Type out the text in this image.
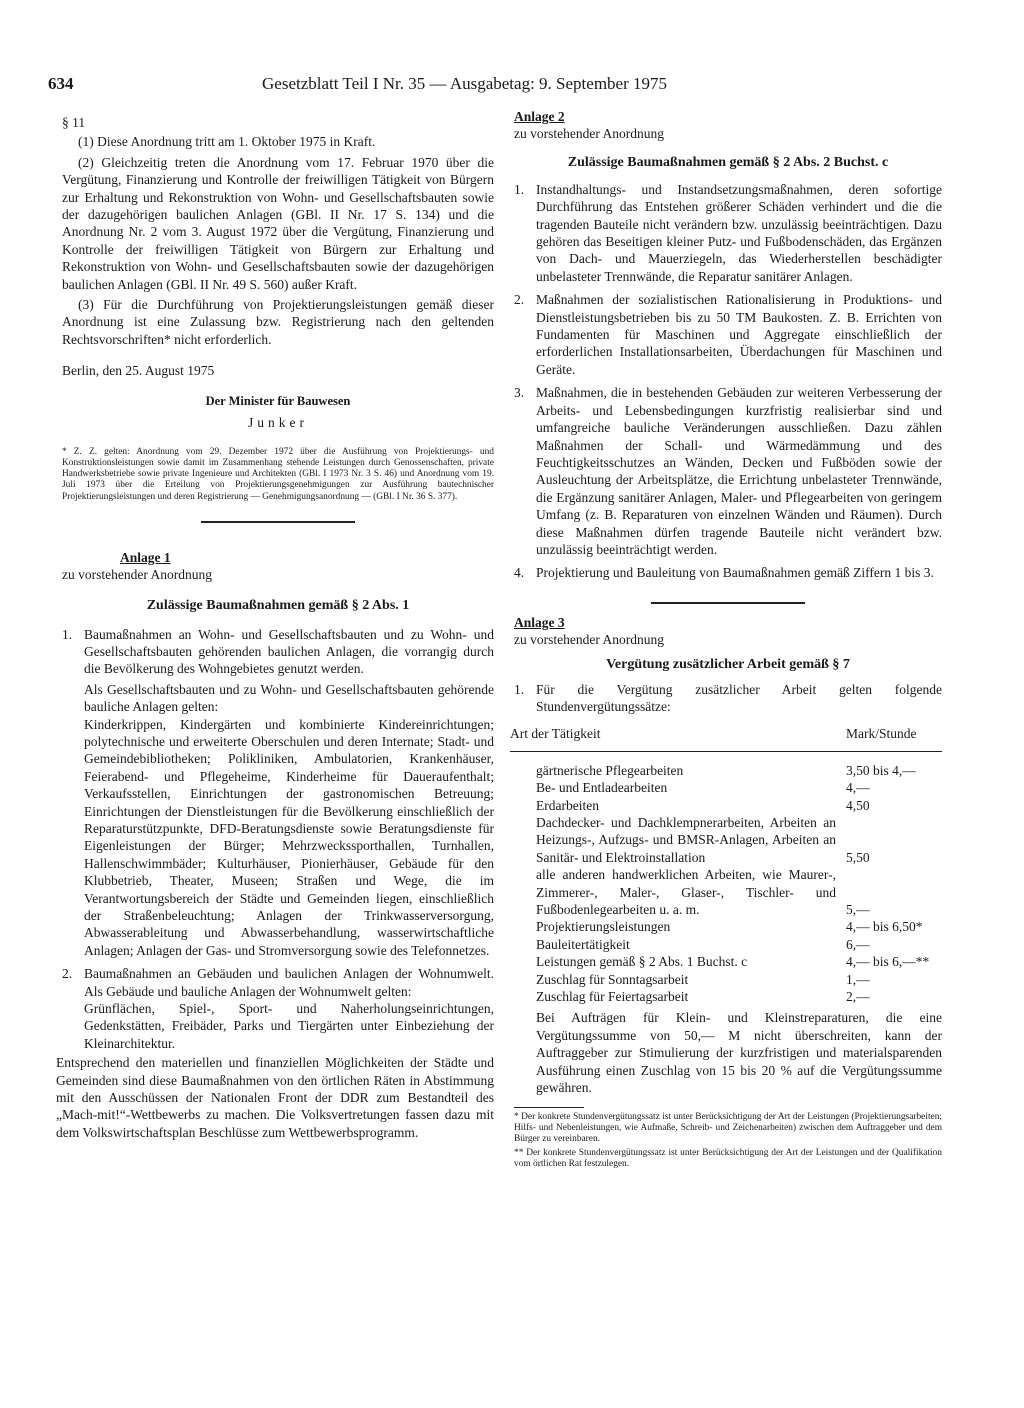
634	Gesetzblatt Teil I Nr. 35 — Ausgabetag: 9. September 1975
§ 11

(1) Diese Anordnung tritt am 1. Oktober 1975 in Kraft.

(2) Gleichzeitig treten die Anordnung vom 17. Februar 1970 über die Vergütung, Finanzierung und Kontrolle der freiwilligen Tätigkeit von Bürgern zur Erhaltung und Rekonstruktion von Wohn- und Gesellschaftsbauten sowie der dazugehörigen baulichen Anlagen (GBl. II Nr. 17 S. 134) und die Anordnung Nr. 2 vom 3. August 1972 über die Vergütung, Finanzierung und Kontrolle der freiwilligen Tätigkeit von Bürgern zur Erhaltung und Rekonstruktion von Wohn- und Gesellschaftsbauten sowie der dazugehörigen baulichen Anlagen (GBl. II Nr. 49 S. 560) außer Kraft.

(3) Für die Durchführung von Projektierungsleistungen gemäß dieser Anordnung ist eine Zulassung bzw. Registrierung nach den geltenden Rechtsvorschriften* nicht erforderlich.

Berlin, den 25. August 1975

Der Minister für Bauwesen
Junker

* Z. Z. gelten: Anordnung vom 29. Dezember 1972 über die Ausführung von Projektierungs- und Konstruktionsleistungen sowie damit im Zusammenhang stehende Leistungen durch Genossenschaften, private Handwerksbetriebe sowie private Ingenieure und Architekten (GBl. I 1973 Nr. 3 S. 46) und Anordnung vom 19. Juli 1973 über die Erteilung von Projektierungsgenehmigungen zur Ausführung bautechnischer Projektierungsleistungen und deren Registrierung — Genehmigungsanordnung — (GBl. I Nr. 36 S. 377).

Anlage 1
zu vorstehender Anordnung
Zulässige Baumaßnahmen gemäß § 2 Abs. 1
1. Baumaßnahmen an Wohn- und Gesellschaftsbauten und zu Wohn- und Gesellschaftsbauten gehörenden baulichen Anlagen, die vorrangig durch die Bevölkerung des Wohngebietes genutzt werden.

Als Gesellschaftsbauten und zu Wohn- und Gesellschaftsbauten gehörende bauliche Anlagen gelten:

Kinderkrippen, Kindergärten und kombinierte Kindereinrichtungen; polytechnische und erweiterte Oberschulen und deren Internate; Stadt- und Gemeindebibliotheken; Polikliniken, Ambulatorien, Krankenhäuser, Feierabend- und Pflegeheime, Kinderheime für Daueraufenthalt; Verkaufsstellen, Einrichtungen der gastronomischen Betreuung; Einrichtungen der Dienstleistungen für die Bevölkerung einschließlich der Reparaturstützpunkte, DFD-Beratungsdienste sowie Beratungsdienste für Eigenleistungen der Bürger; Mehrzweckssporthallen, Turnhallen, Hallenschwimmbäder; Kulturhäuser, Pionierhäuser, Gebäude für den Klubbetrieb, Theater, Museen; Straßen und Wege, die im Verantwortungsbereich der Städte und Gemeinden liegen, einschließlich der Straßenbeleuchtung; Anlagen der Trinkwasserversorgung, Abwasserableitung und Abwasserbehandlung, wasserwirtschaftliche Anlagen; Anlagen der Gas- und Stromversorgung sowie des Telefonnetzes.

2. Baumaßnahmen an Gebäuden und baulichen Anlagen der Wohnumwelt. Als Gebäude und bauliche Anlagen der Wohnumwelt gelten:

Grünflächen, Spiel-, Sport- und Naherholungseinrichtungen, Gedenkstätten, Freibäder, Parks und Tiergärten unter Einbeziehung der Kleinarchitektur.

Entsprechend den materiellen und finanziellen Möglichkeiten der Städte und Gemeinden sind diese Baumaßnahmen von den örtlichen Räten in Abstimmung mit den Ausschüssen der Nationalen Front der DDR zum Bestandteil des „Mach-mit!“-Wettbewerbs zu machen. Die Volksvertretungen fassen dazu mit dem Volkswirtschaftsplan Beschlüsse zum Wettbewerbsprogramm.

Anlage 2
zu vorstehender Anordnung
Zulässige Baumaßnahmen gemäß § 2 Abs. 2 Buchst. c
1. Instandhaltungs- und Instandsetzungsmaßnahmen, deren sofortige Durchführung das Entstehen größerer Schäden verhindert und die die tragenden Bauteile nicht verändern bzw. unzulässig beeinträchtigen. Dazu gehören das Beseitigen kleiner Putz- und Fußbodenschäden, das Ergänzen von Dach- und Mauerziegeln, das Wiederherstellen beschädigter unbelasteter Trennwände, die Reparatur sanitärer Anlagen.
2. Maßnahmen der sozialistischen Rationalisierung in Produktions- und Dienstleistungsbetrieben bis zu 50 TM Baukosten. Z. B. Errichten von Fundamenten für Maschinen und Aggregate einschließlich der erforderlichen Installationsarbeiten, Überdachungen für Maschinen und Geräte.
3. Maßnahmen, die in bestehenden Gebäuden zur weiteren Verbesserung der Arbeits- und Lebensbedingungen kurzfristig realisierbar sind und umfangreiche bauliche Veränderungen ausschließen. Dazu zählen Maßnahmen der Schall- und Wärmedämmung und des Feuchtigkeitsschutzes an Wänden, Decken und Fußböden sowie der Ausleuchtung der Arbeitsplätze, die Errichtung unbelasteter Trennwände, die Ergänzung sanitärer Anlagen, Maler- und Pflegearbeiten von geringem Umfang (z. B. Reparaturen von einzelnen Wänden und Räumen). Durch diese Maßnahmen dürfen tragende Bauteile nicht verändert bzw. unzulässig beeinträchtigt werden.
4. Projektierung und Bauleitung von Baumaßnahmen gemäß Ziffern 1 bis 3.
Anlage 3
zu vorstehender Anordnung
Vergütung zusätzlicher Arbeit gemäß § 7
1. Für die Vergütung zusätzlicher Arbeit gelten folgende Stundenvergütungssätze:
Art der Tätigkeit	Mark/Stunde
gärtnerische Pflegearbeiten	3,50 bis 4,—
Be- und Entladearbeiten	4,—
Erdarbeiten	4,50
Dachdecker- und Dachklempnerarbeiten, Arbeiten an Heizungs-, Aufzugs- und BMSR-Anlagen, Arbeiten an Sanitär- und Elektroinstallation	5,50
alle anderen handwerklichen Arbeiten, wie Maurer-, Zimmerer-, Maler-, Glaser-, Tischler- und Fußbodenlegearbeiten u. a. m.	5,—
Projektierungsleistungen	4,— bis 6,50*
Bauleitertätigkeit	6,—
Leistungen gemäß § 2 Abs. 1 Buchst. c	4,— bis 6,—**
Zuschlag für Sonntagsarbeit	1,—
Zuschlag für Feiertagsarbeit	2,—

Bei Aufträgen für Klein- und Kleinstreparaturen, die eine Vergütungssumme von 50,— M nicht überschreiten, kann der Auftraggeber zur Stimulierung der kurzfristigen und materialsparenden Ausführung einen Zuschlag von 15 bis 20 % auf die Vergütungssumme gewähren.

* Der konkrete Stundenvergütungssatz ist unter Berücksichtigung der Art der Leistungen (Projektierungsarbeiten; Hilfs- und Nebenleistungen, wie Aufmaße, Schreib- und Zeichenarbeiten) zwischen dem Auftraggeber und dem Bürger zu vereinbaren.

** Der konkrete Stundenvergütungssatz ist unter Berücksichtigung der Art der Leistungen und der Qualifikation vom örtlichen Rat festzulegen.
